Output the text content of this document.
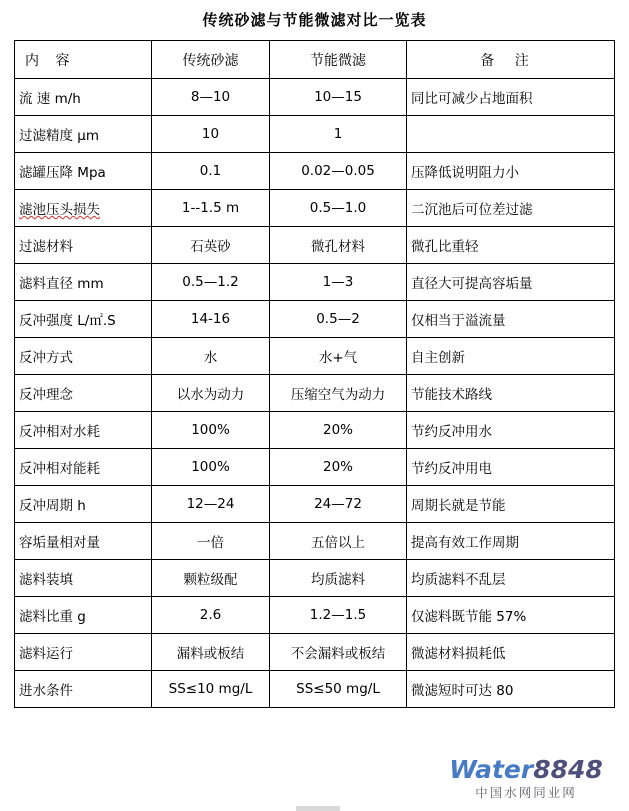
传统砂滤与节能微滤对比一览表
内 容	传统砂滤	节能微滤	备 注
流 速 m/h	8—10	10—15	同比可减少占地面积
过滤精度 μm	10	1	
滤罐压降 Mpa	0.1	0.02—0.05	压降低说明阻力小
滤池压头损失	1--1.5 m	0.5—1.0	二沉池后可位差过滤
过滤材料	石英砂	微孔材料	微孔比重轻
滤料直径 mm	0.5—1.2	1—3	直径大可提高容垢量
反冲强度 L/㎡.S	14-16	0.5—2	仅相当于溢流量
反冲方式	水	水+气	自主创新
反冲理念	以水为动力	压缩空气为动力	节能技术路线
反冲相对水耗	100%	20%	节约反冲用水
反冲相对能耗	100%	20%	节约反冲用电
反冲周期 h	12—24	24—72	周期长就是节能
容垢量相对量	一倍	五倍以上	提高有效工作周期
滤料装填	颗粒级配	均质滤料	均质滤料不乱层
滤料比重 g	2.6	1.2—1.5	仅滤料既节能 57%
滤料运行	漏料或板结	不会漏料或板结	微滤材料损耗低
进水条件	SS≤10 mg/L	SS≤50 mg/L	微滤短时可达 80
Water8848
中国水网同业网
